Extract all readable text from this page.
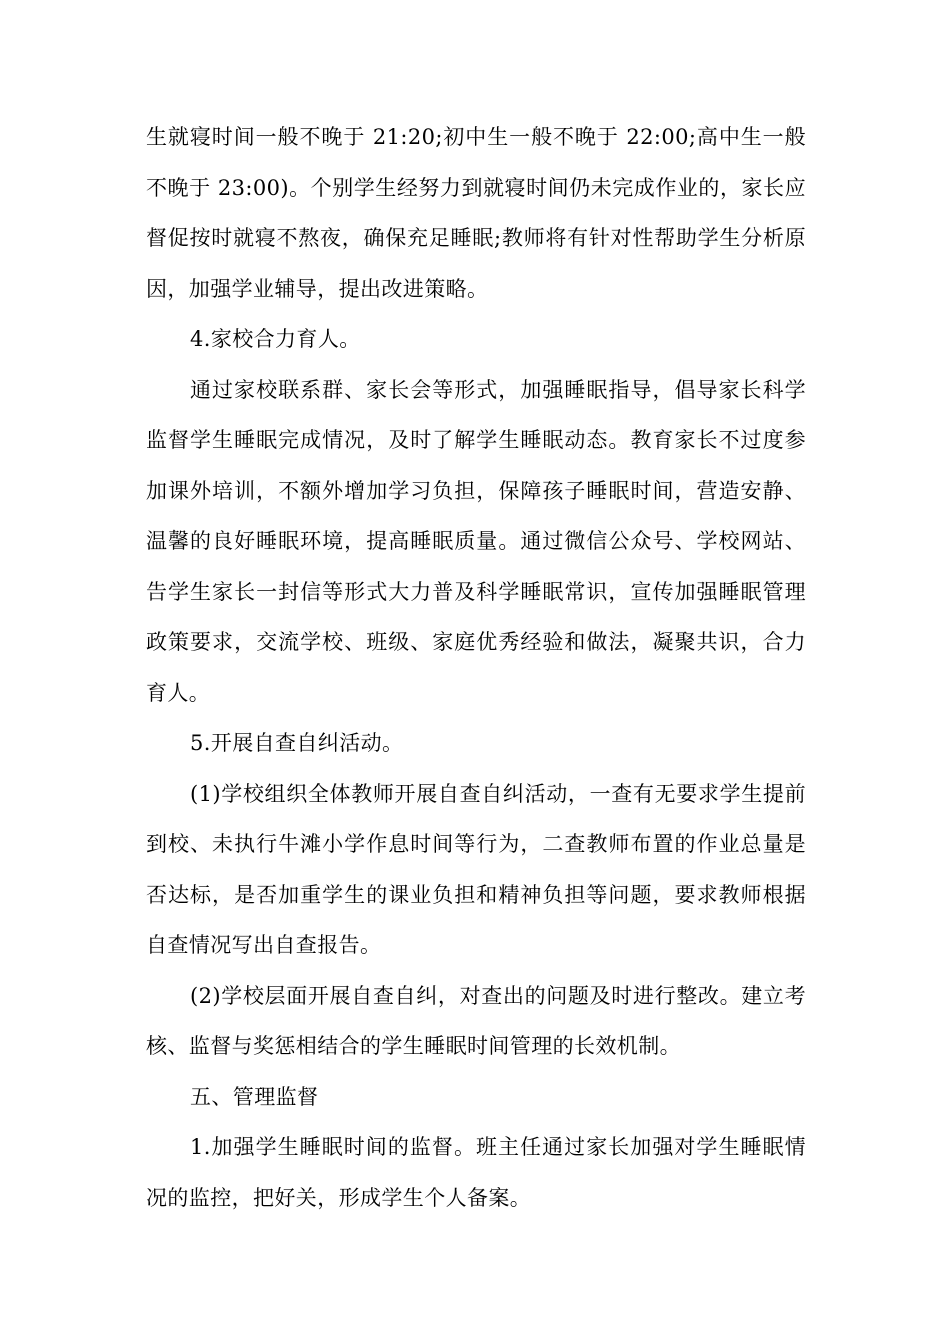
生就寝时间一般不晚于 21:20;初中生一般不晚于 22:00;高中生一般不晚于 23:00)。个别学生经努力到就寝时间仍未完成作业的，家长应督促按时就寝不熬夜，确保充足睡眠;教师将有针对性帮助学生分析原因，加强学业辅导，提出改进策略。

4.家校合力育人。

通过家校联系群、家长会等形式，加强睡眠指导，倡导家长科学监督学生睡眠完成情况，及时了解学生睡眠动态。教育家长不过度参加课外培训，不额外增加学习负担，保障孩子睡眠时间，营造安静、温馨的良好睡眠环境，提高睡眠质量。通过微信公众号、学校网站、告学生家长一封信等形式大力普及科学睡眠常识，宣传加强睡眠管理政策要求，交流学校、班级、家庭优秀经验和做法，凝聚共识，合力育人。

5.开展自查自纠活动。

(1)学校组织全体教师开展自查自纠活动，一查有无要求学生提前到校、未执行牛滩小学作息时间等行为，二查教师布置的作业总量是否达标，是否加重学生的课业负担和精神负担等问题，要求教师根据自查情况写出自查报告。

(2)学校层面开展自查自纠，对查出的问题及时进行整改。建立考核、监督与奖惩相结合的学生睡眠时间管理的长效机制。

五、管理监督

1.加强学生睡眠时间的监督。班主任通过家长加强对学生睡眠情况的监控，把好关，形成学生个人备案。
